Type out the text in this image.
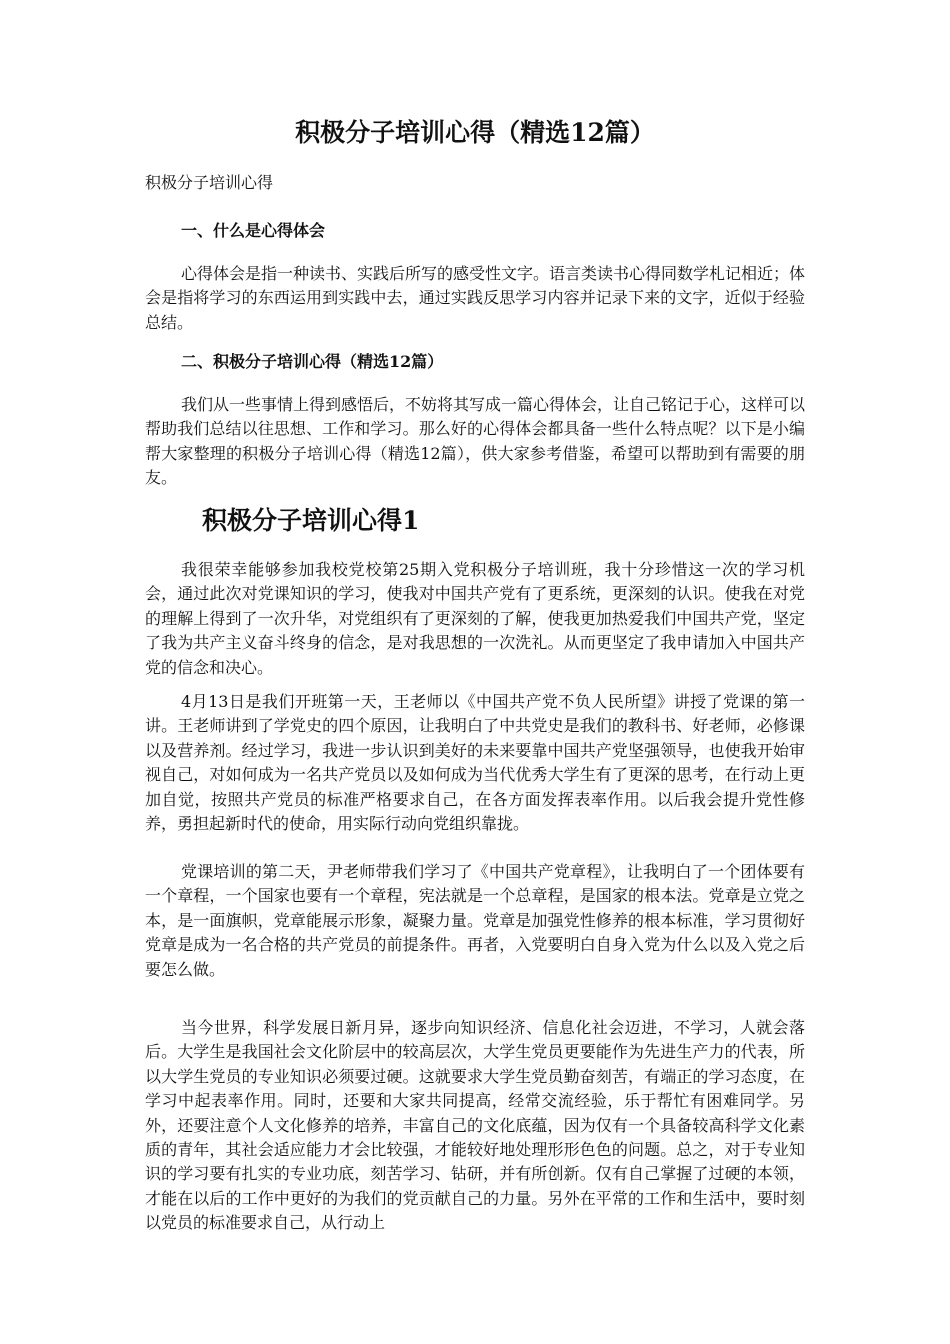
积极分子培训心得（精选12篇）

积极分子培训心得

一、什么是心得体会

心得体会是指一种读书、实践后所写的感受性文字。语言类读书心得同数学札记相近；体会是指将学习的东西运用到实践中去，通过实践反思学习内容并记录下来的文字，近似于经验总结。

二、积极分子培训心得（精选12篇）

我们从一些事情上得到感悟后，不妨将其写成一篇心得体会，让自己铭记于心，这样可以帮助我们总结以往思想、工作和学习。那么好的心得体会都具备一些什么特点呢？以下是小编帮大家整理的积极分子培训心得（精选12篇），供大家参考借鉴，希望可以帮助到有需要的朋友。

积极分子培训心得1

我很荣幸能够参加我校党校第25期入党积极分子培训班，我十分珍惜这一次的学习机会，通过此次对党课知识的学习，使我对中国共产党有了更系统，更深刻的认识。使我在对党的理解上得到了一次升华，对党组织有了更深刻的了解，使我更加热爱我们中国共产党，坚定了我为共产主义奋斗终身的信念，是对我思想的一次洗礼。从而更坚定了我申请加入中国共产党的信念和决心。

4月13日是我们开班第一天，王老师以《中国共产党不负人民所望》讲授了党课的第一讲。王老师讲到了学党史的四个原因，让我明白了中共党史是我们的教科书、好老师，必修课以及营养剂。经过学习，我进一步认识到美好的未来要靠中国共产党坚强领导，也使我开始审视自己，对如何成为一名共产党员以及如何成为当代优秀大学生有了更深的思考，在行动上更加自觉，按照共产党员的标准严格要求自己，在各方面发挥表率作用。以后我会提升党性修养，勇担起新时代的使命，用实际行动向党组织靠拢。

党课培训的第二天，尹老师带我们学习了《中国共产党章程》，让我明白了一个团体要有一个章程，一个国家也要有一个章程，宪法就是一个总章程，是国家的根本法。党章是立党之本，是一面旗帜，党章能展示形象，凝聚力量。党章是加强党性修养的根本标准，学习贯彻好党章是成为一名合格的共产党员的前提条件。再者，入党要明白自身入党为什么以及入党之后要怎么做。

当今世界，科学发展日新月异，逐步向知识经济、信息化社会迈进，不学习，人就会落后。大学生是我国社会文化阶层中的较高层次，大学生党员更要能作为先进生产力的代表，所以大学生党员的专业知识必须要过硬。这就要求大学生党员勤奋刻苦，有端正的学习态度，在学习中起表率作用。同时，还要和大家共同提高，经常交流经验，乐于帮忙有困难同学。另外，还要注意个人文化修养的培养，丰富自己的文化底蕴，因为仅有一个具备较高科学文化素质的青年，其社会适应能力才会比较强，才能较好地处理形形色色的问题。总之，对于专业知识的学习要有扎实的专业功底，刻苦学习、钻研，并有所创新。仅有自己掌握了过硬的本领，才能在以后的工作中更好的为我们的党贡献自己的力量。另外在平常的工作和生活中，要时刻以党员的标准要求自己，从行动上
